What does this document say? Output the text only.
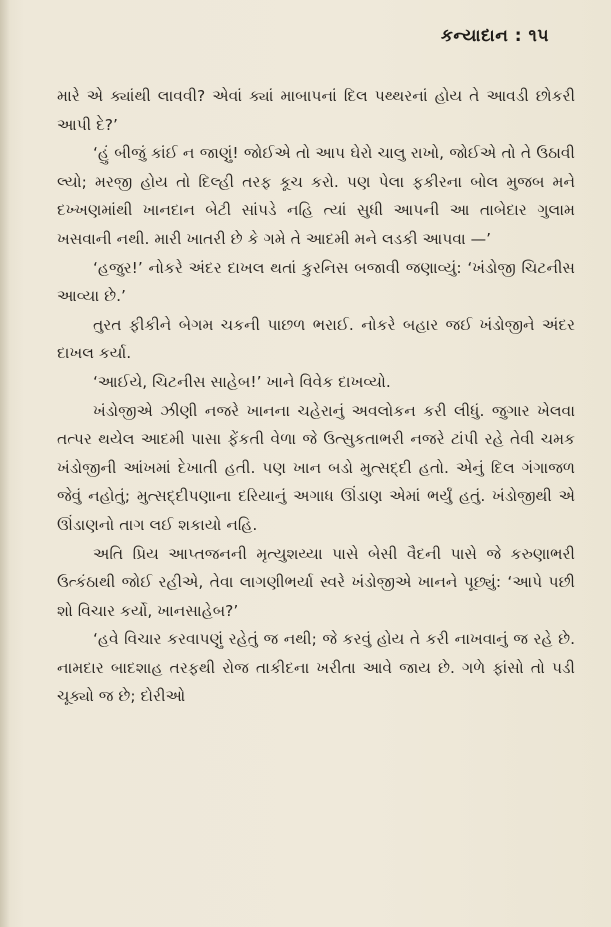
કન્યાદાન : ૧૫

મારે એ ક્યાંથી લાવવી? એવાં ક્યાં માબાપનાં દિલ પથ્થરનાં હોય તે આવડી છોકરી આપી દે?’

‘હું બીજું કાંઈ ન જાણું! જોઈએ તો આપ ઘેરો ચાલુ રાખો, જોઈએ તો તે ઉઠાવી લ્યો; મરજી હોય તો દિલ્હી તરફ કૂચ કરો. પણ પેલા ફકીરના બોલ મુજબ મને દખ્ખણમાંથી ખાનદાન બેટી સાંપડે નહિ ત્યાં સુધી આપની આ તાબેદાર ગુલામ ખસવાની નથી. મારી ખાતરી છે કે ગમે તે આદમી મને લડકી આપવા —’

‘હજુર!’ નોકરે અંદર દાખલ થતાં કુરનિસ બજાવી જણાવ્યું: ‘ખંડોજી ચિટનીસ આવ્યા છે.’

તુરત ફીકીને બેગમ ચકની પાછળ ભરાઈ. નોકરે બહાર જઈ ખંડોજીને અંદર દાખલ કર્યા.

‘આઈયે, ચિટનીસ સાહેબ!’ ખાને વિવેક દાખવ્યો.

ખંડોજીએ ઝીણી નજરે ખાનના ચહેરાનું અવલોકન કરી લીધું. જુગાર ખેલવા તત્પર થયેલ આદમી પાસા ફેંકતી વેળા જે ઉત્સુકતાભરી નજરે ટાંપી રહે તેવી ચમક ખંડોજીની આંખમાં દેખાતી હતી. પણ ખાન બડો મુત્સદ્દી હતો. એનું દિલ ગંગાજળ જેવું નહોતું; મુત્સદ્દીપણાના દરિયાનું અગાધ ઊંડાણ એમાં ભર્યું હતું. ખંડોજીથી એ ઊંડાણનો તાગ લઈ શકાયો નહિ.

અતિ પ્રિય આપ્તજનની મૃત્યુશય્યા પાસે બેસી વૈદની પાસે જે કરુણાભરી ઉત્કંઠાથી જોઈ રહીએ, તેવા લાગણીભર્યા સ્વરે ખંડોજીએ ખાનને પૂછ્યું: ‘આપે પછી શો વિચાર કર્યો, ખાનસાહેબ?’

‘હવે વિચાર કરવાપણું રહેતું જ નથી; જે કરવું હોય તે કરી નાખવાનું જ રહે છે. નામદાર બાદશાહ તરફથી રોજ તાકીદના ખરીતા આવે જાય છે. ગળે ફાંસો તો પડી ચૂક્યો જ છે; દોરીઓ
